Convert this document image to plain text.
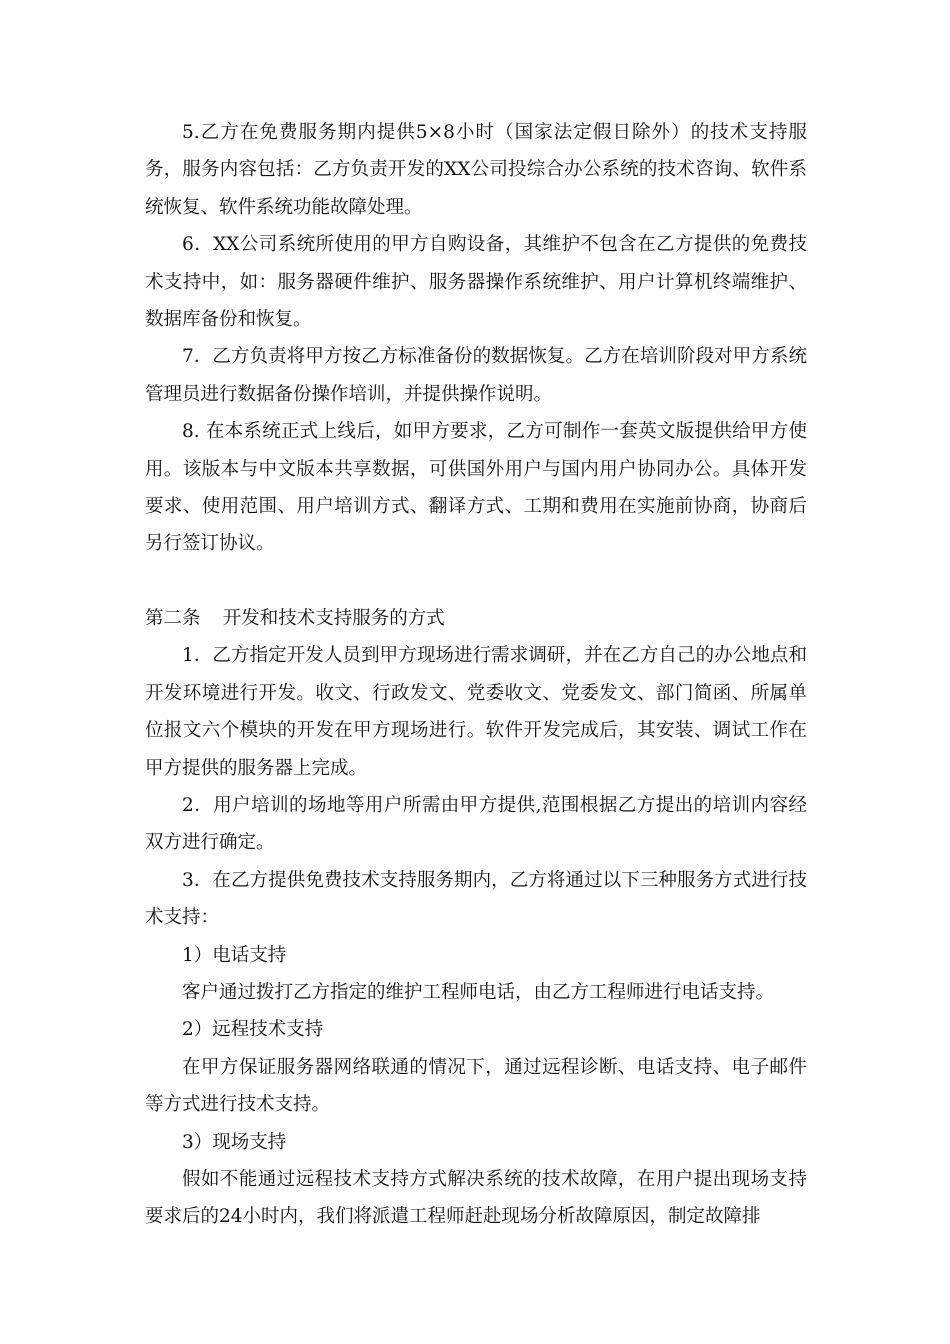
5.乙方在免费服务期内提供5×8小时（国家法定假日除外）的技术支持服务，服务内容包括：乙方负责开发的XX公司投综合办公系统的技术咨询、软件系统恢复、软件系统功能故障处理。

6．XX公司系统所使用的甲方自购设备，其维护不包含在乙方提供的免费技术支持中，如：服务器硬件维护、服务器操作系统维护、用户计算机终端维护、数据库备份和恢复。

7．乙方负责将甲方按乙方标准备份的数据恢复。乙方在培训阶段对甲方系统管理员进行数据备份操作培训，并提供操作说明。

8. 在本系统正式上线后，如甲方要求，乙方可制作一套英文版提供给甲方使用。该版本与中文版本共享数据，可供国外用户与国内用户协同办公。具体开发要求、使用范围、用户培训方式、翻译方式、工期和费用在实施前协商，协商后另行签订协议。

第二条 开发和技术支持服务的方式

1．乙方指定开发人员到甲方现场进行需求调研，并在乙方自己的办公地点和开发环境进行开发。收文、行政发文、党委收文、党委发文、部门简函、所属单位报文六个模块的开发在甲方现场进行。软件开发完成后，其安装、调试工作在甲方提供的服务器上完成。

2．用户培训的场地等用户所需由甲方提供,范围根据乙方提出的培训内容经双方进行确定。

3．在乙方提供免费技术支持服务期内，乙方将通过以下三种服务方式进行技术支持：

1）电话支持

客户通过拨打乙方指定的维护工程师电话，由乙方工程师进行电话支持。

2）远程技术支持

在甲方保证服务器网络联通的情况下，通过远程诊断、电话支持、电子邮件等方式进行技术支持。

3）现场支持

假如不能通过远程技术支持方式解决系统的技术故障，在用户提出现场支持要求后的24小时内，我们将派遣工程师赶赴现场分析故障原因，制定故障排
